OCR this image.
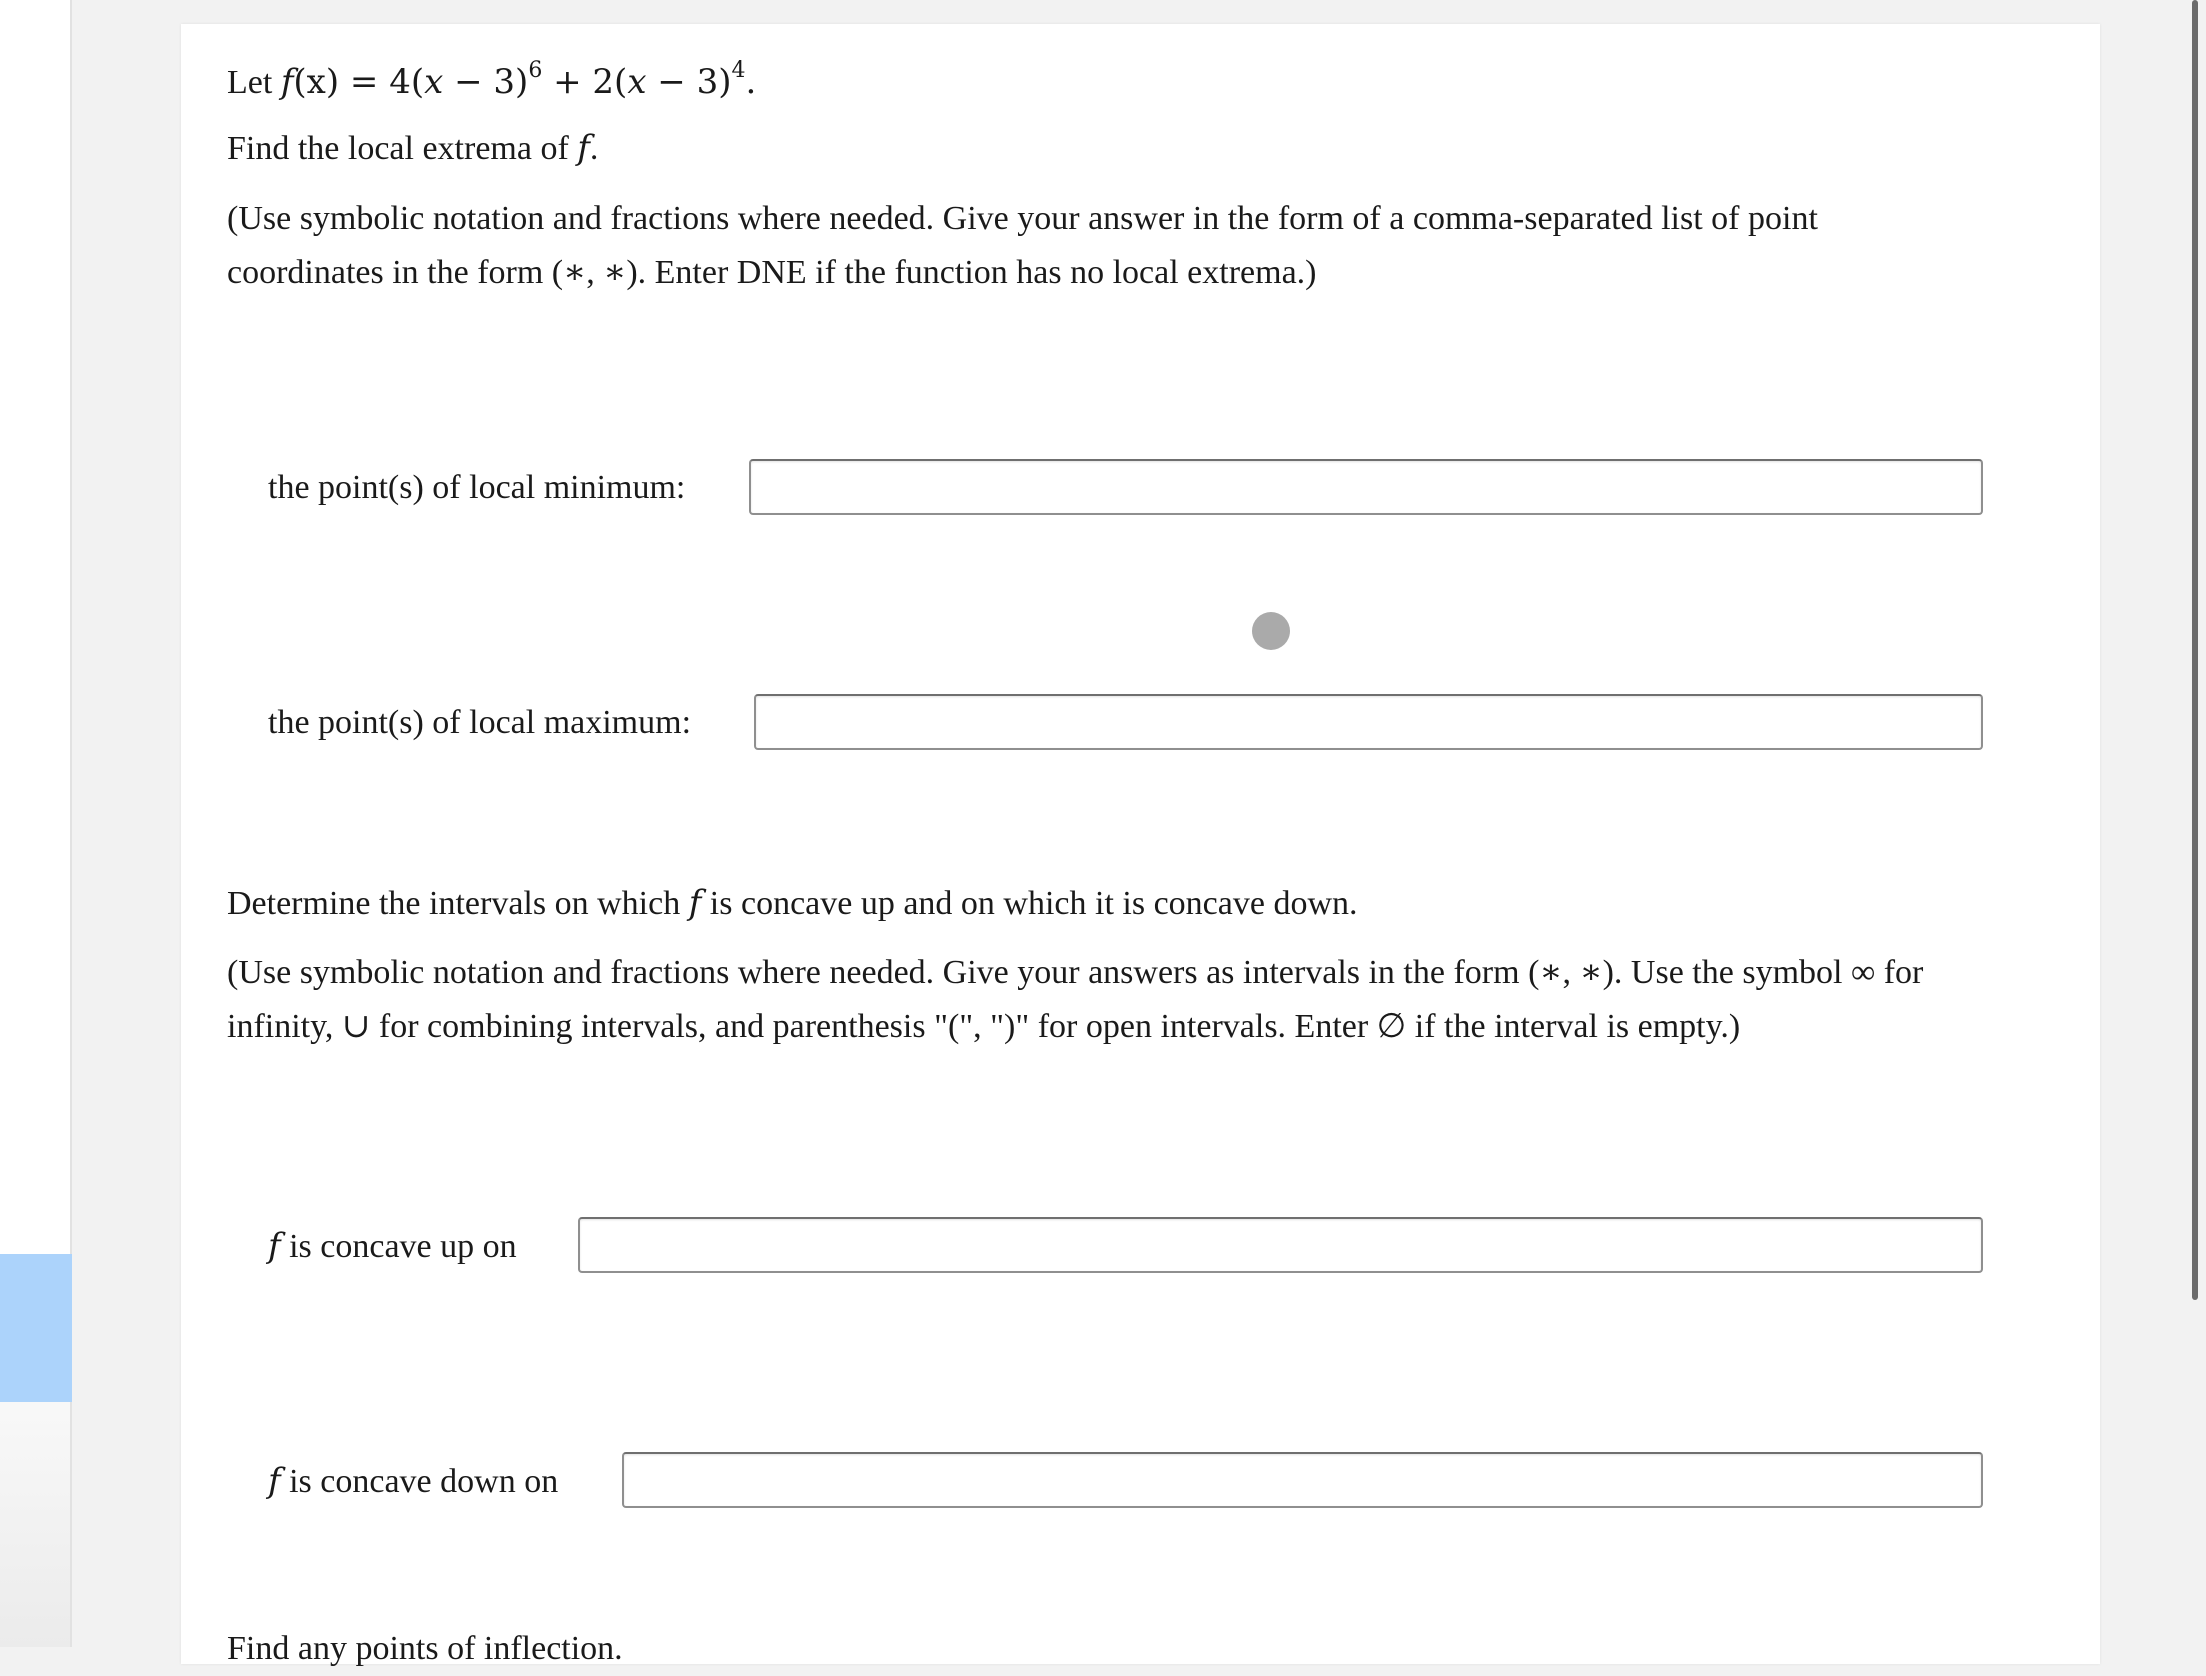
Let $f(x) = 4(x - 3)^6 + 2(x - 3)^4$.
Find the local extrema of f.
(Use symbolic notation and fractions where needed. Give your answer in the form of a comma-separated list of point
coordinates in the form (∗, ∗). Enter DNE if the function has no local extrema.)
the point(s) of local minimum:
the point(s) of local maximum:
Determine the intervals on which f is concave up and on which it is concave down.
(Use symbolic notation and fractions where needed. Give your answers as intervals in the form (∗, ∗). Use the symbol ∞ for
infinity, ∪ for combining intervals, and parenthesis "(", ")" for open intervals. Enter ∅ if the interval is empty.)
f is concave up on
f is concave down on
Find any points of inflection.
